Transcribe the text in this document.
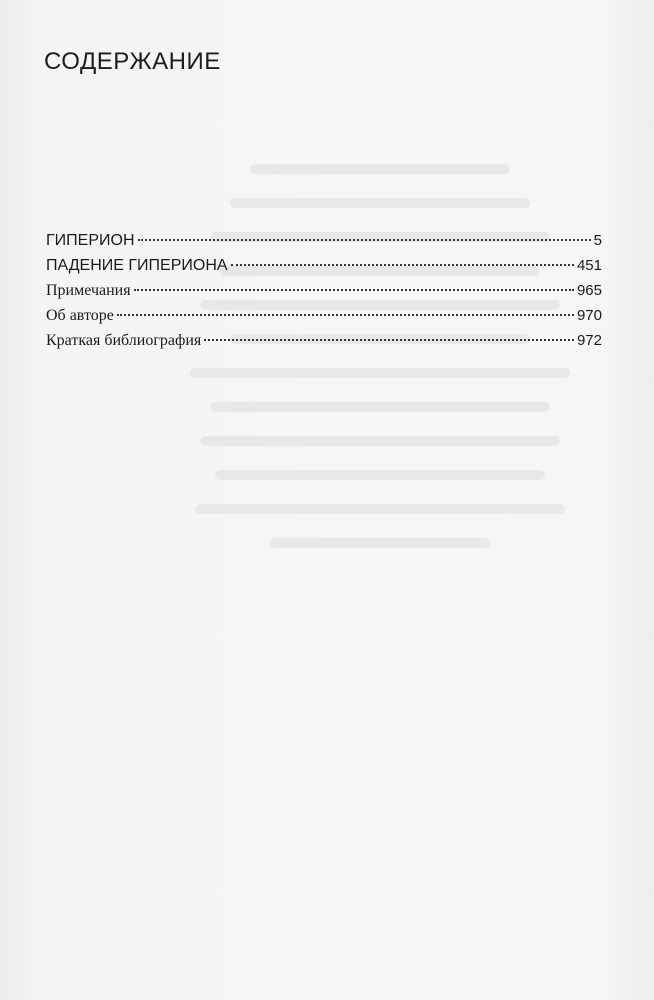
СОДЕРЖАНИЕ
ГИПЕРИОН	5
ПАДЕНИЕ ГИПЕРИОНА	451
Примечания	965
Об авторе	970
Краткая библиография	972
